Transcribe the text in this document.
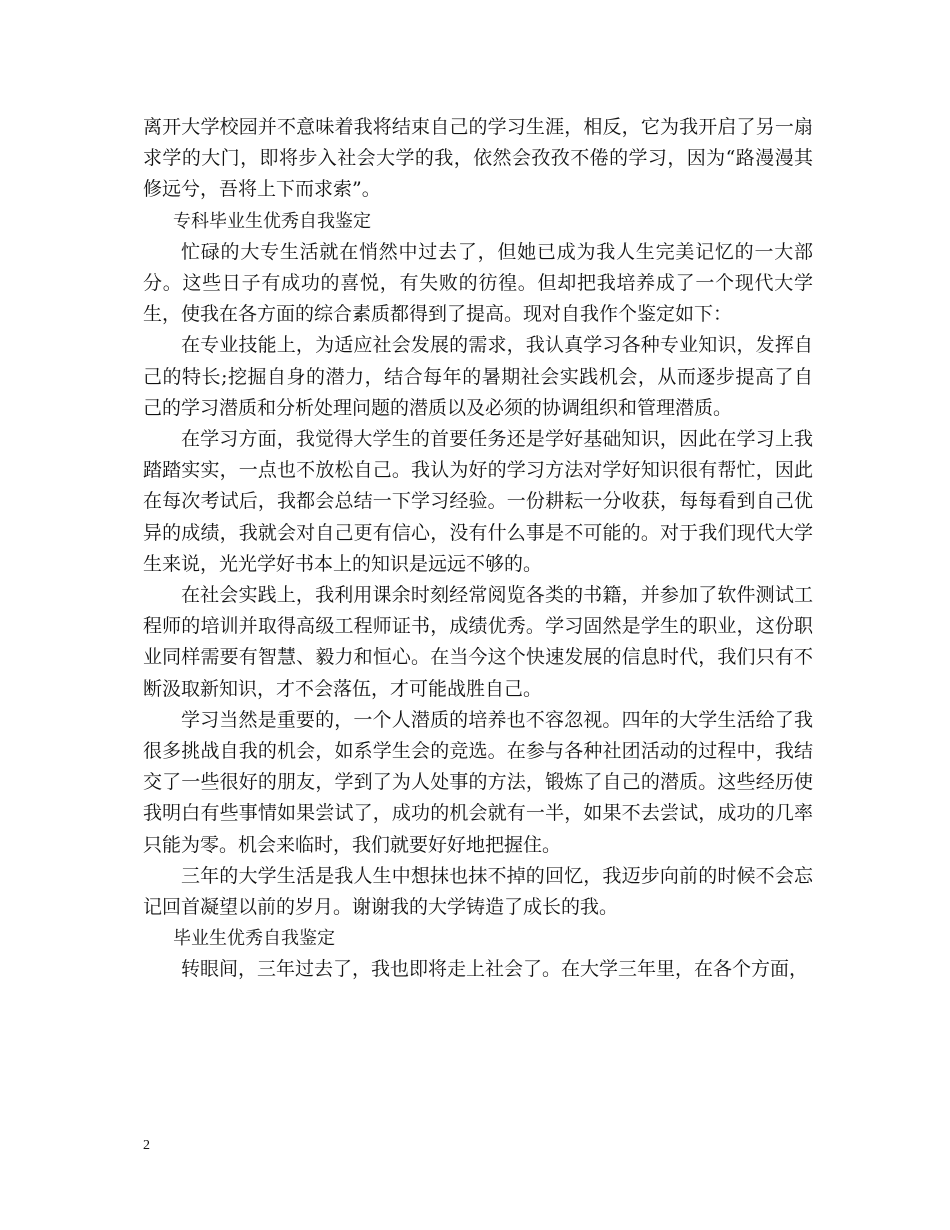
离开大学校园并不意味着我将结束自己的学习生涯，相反，它为我开启了另一扇求学的大门，即将步入社会大学的我，依然会孜孜不倦的学习，因为“路漫漫其修远兮，吾将上下而求索”。

专科毕业生优秀自我鉴定

忙碌的大专生活就在悄然中过去了，但她已成为我人生完美记忆的一大部分。这些日子有成功的喜悦，有失败的彷徨。但却把我培养成了一个现代大学生，使我在各方面的综合素质都得到了提高。现对自我作个鉴定如下：

在专业技能上，为适应社会发展的需求，我认真学习各种专业知识，发挥自己的特长;挖掘自身的潜力，结合每年的暑期社会实践机会，从而逐步提高了自己的学习潜质和分析处理问题的潜质以及必须的协调组织和管理潜质。

在学习方面，我觉得大学生的首要任务还是学好基础知识，因此在学习上我踏踏实实，一点也不放松自己。我认为好的学习方法对学好知识很有帮忙，因此在每次考试后，我都会总结一下学习经验。一份耕耘一分收获，每每看到自己优异的成绩，我就会对自己更有信心，没有什么事是不可能的。对于我们现代大学生来说，光光学好书本上的知识是远远不够的。

在社会实践上，我利用课余时刻经常阅览各类的书籍，并参加了软件测试工程师的培训并取得高级工程师证书，成绩优秀。学习固然是学生的职业，这份职业同样需要有智慧、毅力和恒心。在当今这个快速发展的信息时代，我们只有不断汲取新知识，才不会落伍，才可能战胜自己。

学习当然是重要的，一个人潜质的培养也不容忽视。四年的大学生活给了我很多挑战自我的机会，如系学生会的竞选。在参与各种社团活动的过程中，我结交了一些很好的朋友，学到了为人处事的方法，锻炼了自己的潜质。这些经历使我明白有些事情如果尝试了，成功的机会就有一半，如果不去尝试，成功的几率只能为零。机会来临时，我们就要好好地把握住。

三年的大学生活是我人生中想抹也抹不掉的回忆，我迈步向前的时候不会忘记回首凝望以前的岁月。谢谢我的大学铸造了成长的我。

毕业生优秀自我鉴定

转眼间，三年过去了，我也即将走上社会了。在大学三年里，在各个方面，

2
